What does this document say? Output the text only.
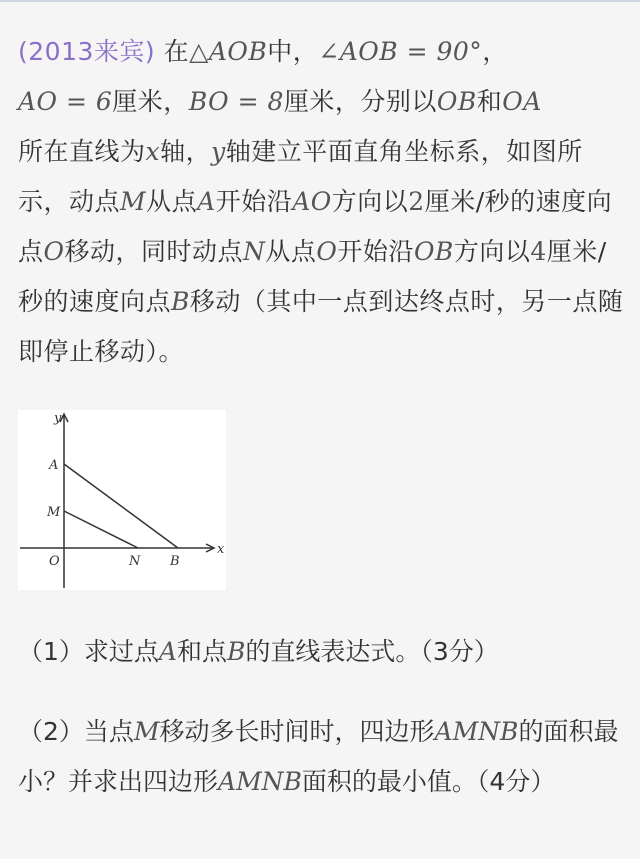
(2013来宾) 在△AOB中，∠AOB = 90°，
AO = 6厘米，BO = 8厘米，分别以OB和OA
所在直线为x轴，y轴建立平面直角坐标系，如图所示，动点M从点A开始沿AO方向以2厘米/秒的速度向点O移动，同时动点N从点O开始沿OB方向以4厘米/秒的速度向点B移动（其中一点到达终点时，另一点随即停止移动）。
y
x
A
M
O	N B
（1）求过点A和点B的直线表达式。（3分）
（2）当点M移动多长时间时，四边形AMNB的面积最小？并求出四边形AMNB面积的最小值。（4分）
